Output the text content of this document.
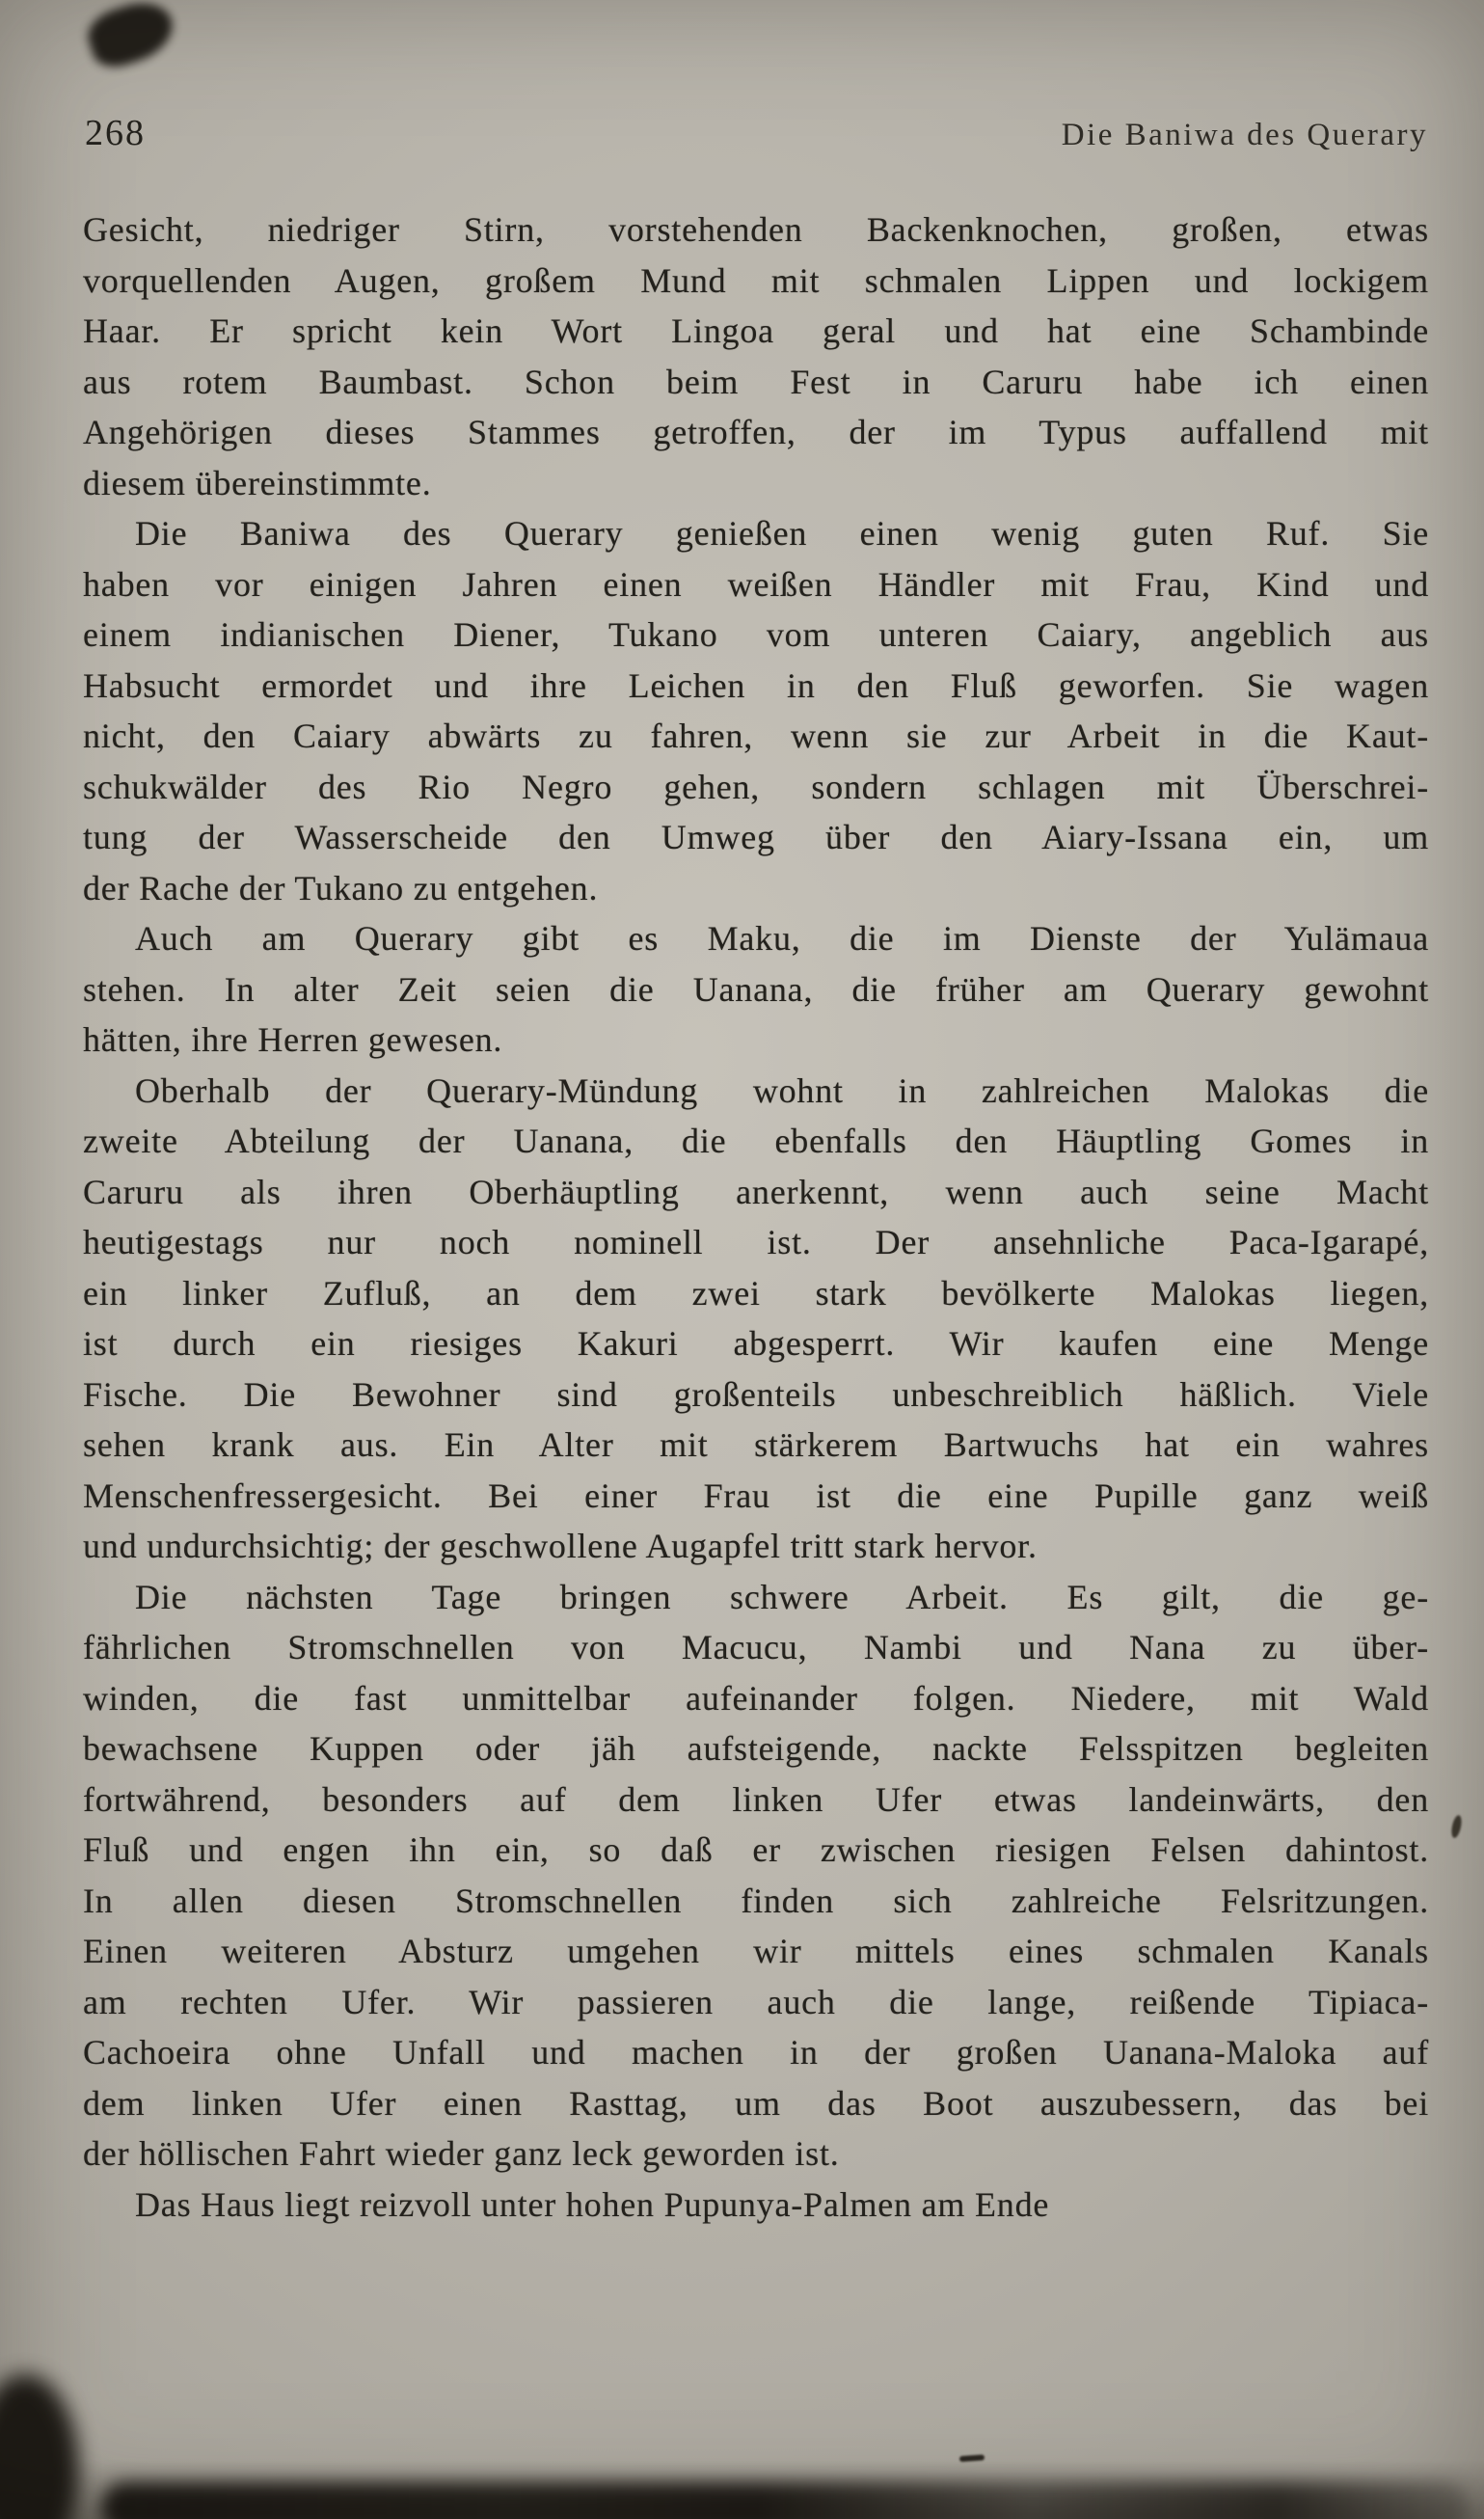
268	Die Baniwa des Querary
Gesicht, niedriger Stirn, vorstehenden Backenknochen, großen, etwas
vorquellenden Augen, großem Mund mit schmalen Lippen und lockigem
Haar. Er spricht kein Wort Lingoa geral und hat eine Schambinde
aus rotem Baumbast. Schon beim Fest in Caruru habe ich einen
Angehörigen dieses Stammes getroffen, der im Typus auffallend mit
diesem übereinstimmte.
Die Baniwa des Querary genießen einen wenig guten Ruf. Sie
haben vor einigen Jahren einen weißen Händler mit Frau, Kind und
einem indianischen Diener, Tukano vom unteren Caiary, angeblich aus
Habsucht ermordet und ihre Leichen in den Fluß geworfen. Sie wagen
nicht, den Caiary abwärts zu fahren, wenn sie zur Arbeit in die Kaut-
schukwälder des Rio Negro gehen, sondern schlagen mit Überschrei-
tung der Wasserscheide den Umweg über den Aiary-Issana ein, um
der Rache der Tukano zu entgehen.
Auch am Querary gibt es Maku, die im Dienste der Yulämaua
stehen. In alter Zeit seien die Uanana, die früher am Querary gewohnt
hätten, ihre Herren gewesen.
Oberhalb der Querary-Mündung wohnt in zahlreichen Malokas die
zweite Abteilung der Uanana, die ebenfalls den Häuptling Gomes in
Caruru als ihren Oberhäuptling anerkennt, wenn auch seine Macht
heutigestags nur noch nominell ist. Der ansehnliche Paca-Igarapé,
ein linker Zufluß, an dem zwei stark bevölkerte Malokas liegen,
ist durch ein riesiges Kakuri abgesperrt. Wir kaufen eine Menge
Fische. Die Bewohner sind großenteils unbeschreiblich häßlich. Viele
sehen krank aus. Ein Alter mit stärkerem Bartwuchs hat ein wahres
Menschenfressergesicht. Bei einer Frau ist die eine Pupille ganz weiß
und undurchsichtig; der geschwollene Augapfel tritt stark hervor.
Die nächsten Tage bringen schwere Arbeit. Es gilt, die ge-
fährlichen Stromschnellen von Macucu, Nambi und Nana zu über-
winden, die fast unmittelbar aufeinander folgen. Niedere, mit Wald
bewachsene Kuppen oder jäh aufsteigende, nackte Felsspitzen begleiten
fortwährend, besonders auf dem linken Ufer etwas landeinwärts, den
Fluß und engen ihn ein, so daß er zwischen riesigen Felsen dahintost.
In allen diesen Stromschnellen finden sich zahlreiche Felsritzungen.
Einen weiteren Absturz umgehen wir mittels eines schmalen Kanals
am rechten Ufer. Wir passieren auch die lange, reißende Tipiaca-
Cachoeira ohne Unfall und machen in der großen Uanana-Maloka auf
dem linken Ufer einen Rasttag, um das Boot auszubessern, das bei
der höllischen Fahrt wieder ganz leck geworden ist.
Das Haus liegt reizvoll unter hohen Pupunya-Palmen am Ende
